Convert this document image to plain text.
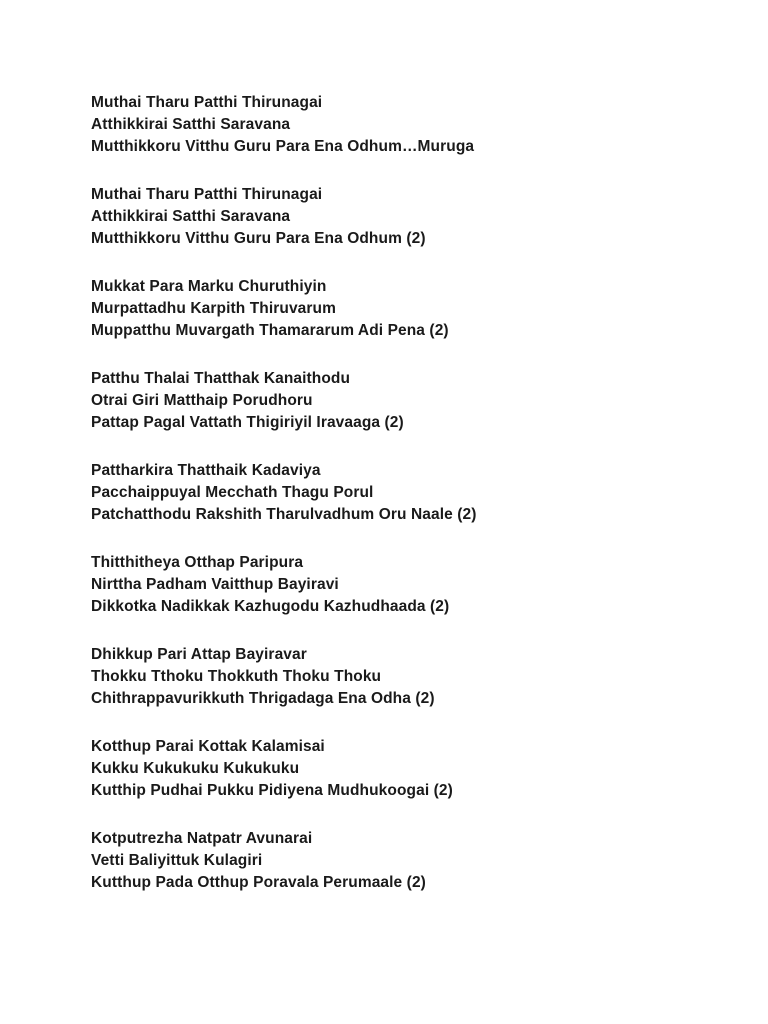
Muthai Tharu Patthi Thirunagai
Atthikkirai Satthi Saravana
Mutthikkoru Vitthu Guru Para Ena Odhum…Muruga
Muthai Tharu Patthi Thirunagai
Atthikkirai Satthi Saravana
Mutthikkoru Vitthu Guru Para Ena Odhum (2)
Mukkat Para Marku Churuthiyin
Murpattadhu Karpith Thiruvarum
Muppatthu Muvargath Thamararum Adi Pena (2)
Patthu Thalai Thatthak Kanaithodu
Otrai Giri Matthaip Porudhoru
Pattap Pagal Vattath Thigiriyil Iravaaga (2)
Pattharkira Thatthaik Kadaviya
Pacchaippuyal Mecchath Thagu Porul
Patchatthodu Rakshith Tharulvadhum Oru Naale (2)
Thitthitheya Otthap Paripura
Nirttha Padham Vaitthup Bayiravi
Dikkotka Nadikkak Kazhugodu Kazhudhaada (2)
Dhikkup Pari Attap Bayiravar
Thokku Tthoku Thokkuth Thoku Thoku
Chithrappavurikkuth Thrigadaga Ena Odha (2)
Kotthup Parai Kottak Kalamisai
Kukku Kukukuku Kukukuku
Kutthip Pudhai Pukku Pidiyena Mudhukoogai (2)
Kotputrezha Natpatr Avunarai
Vetti Baliyittuk Kulagiri
Kutthup Pada Otthup Poravala Perumaale (2)
